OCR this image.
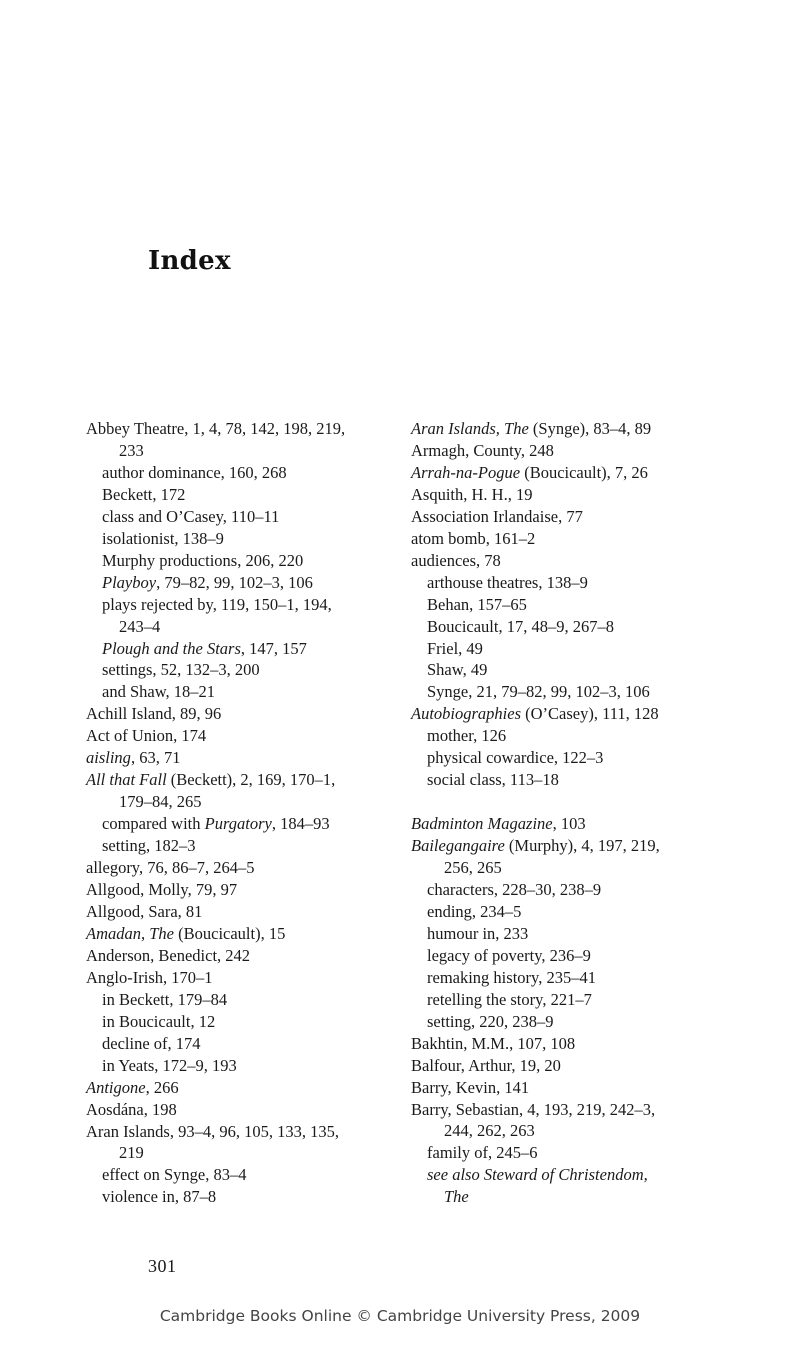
Index
Abbey Theatre, 1, 4, 78, 142, 198, 219,
233
author dominance, 160, 268
Beckett, 172
class and O’Casey, 110–11
isolationist, 138–9
Murphy productions, 206, 220
Playboy, 79–82, 99, 102–3, 106
plays rejected by, 119, 150–1, 194,
243–4
Plough and the Stars, 147, 157
settings, 52, 132–3, 200
and Shaw, 18–21
Achill Island, 89, 96
Act of Union, 174
aisling, 63, 71
All that Fall (Beckett), 2, 169, 170–1,
179–84, 265
compared with Purgatory, 184–93
setting, 182–3
allegory, 76, 86–7, 264–5
Allgood, Molly, 79, 97
Allgood, Sara, 81
Amadan, The (Boucicault), 15
Anderson, Benedict, 242
Anglo-Irish, 170–1
in Beckett, 179–84
in Boucicault, 12
decline of, 174
in Yeats, 172–9, 193
Antigone, 266
Aosdána, 198
Aran Islands, 93–4, 96, 105, 133, 135,
219
effect on Synge, 83–4
violence in, 87–8
Aran Islands, The (Synge), 83–4, 89
Armagh, County, 248
Arrah-na-Pogue (Boucicault), 7, 26
Asquith, H. H., 19
Association Irlandaise, 77
atom bomb, 161–2
audiences, 78
arthouse theatres, 138–9
Behan, 157–65
Boucicault, 17, 48–9, 267–8
Friel, 49
Shaw, 49
Synge, 21, 79–82, 99, 102–3, 106
Autobiographies (O’Casey), 111, 128
mother, 126
physical cowardice, 122–3
social class, 113–18
Badminton Magazine, 103
Bailegangaire (Murphy), 4, 197, 219,
256, 265
characters, 228–30, 238–9
ending, 234–5
humour in, 233
legacy of poverty, 236–9
remaking history, 235–41
retelling the story, 221–7
setting, 220, 238–9
Bakhtin, M.M., 107, 108
Balfour, Arthur, 19, 20
Barry, Kevin, 141
Barry, Sebastian, 4, 193, 219, 242–3,
244, 262, 263
family of, 245–6
see also Steward of Christendom,
The
301
Cambridge Books Online © Cambridge University Press, 2009
